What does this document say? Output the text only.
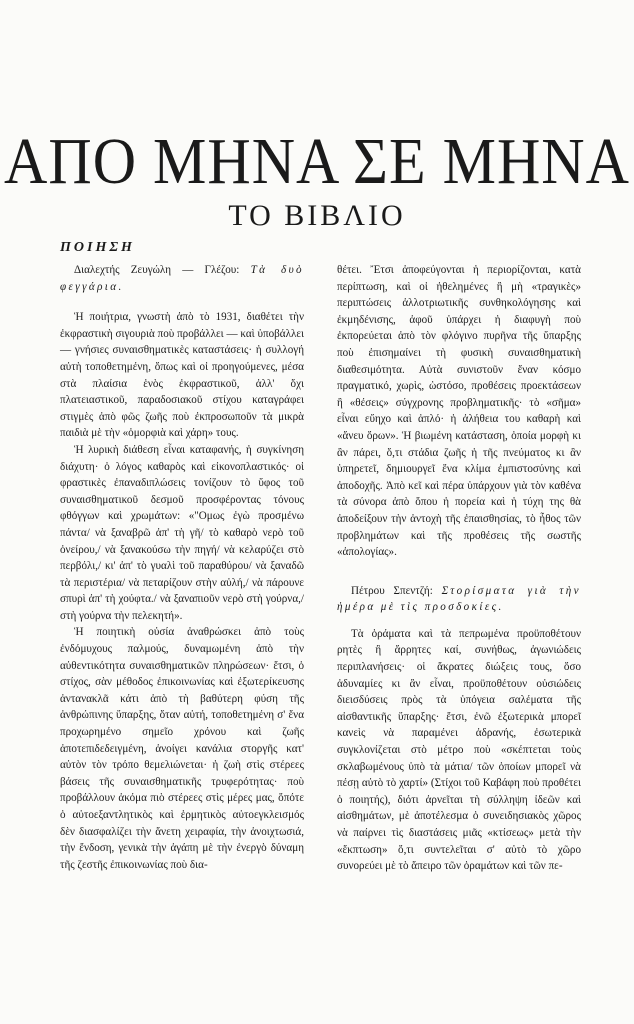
ΑΠΟ ΜΗΝΑ ΣΕ ΜΗΝΑ
ΤΟ ΒΙΒΛΙΟ
ΠΟΙΗΣΗ

Διαλεχτής Ζευγώλη — Γλέζου: Τὰ δυὸ φεγγάρια.

Ἡ ποιήτρια, γνωστὴ ἀπὸ τὸ 1931, διαθέτει τὴν ἐκφραστικὴ σιγουριὰ ποὺ προβάλλει — καὶ ὑποβάλλει — γνήσιες συναισθηματικὲς καταστάσεις· ἡ συλλογή αὐτὴ τοποθετημένη, ὅπως καὶ οἱ προηγούμενες, μέσα στὰ πλαίσια ἑνὸς ἐκφραστικοῦ, ἀλλ' ὄχι πλατειαστικοῦ, παραδοσιακοῦ στίχου καταγράφει στιγμὲς ἀπὸ φῶς ζωῆς ποὺ ἐκπροσωποῦν τὰ μικρὰ παιδιὰ μὲ τὴν «ὀμορφιὰ καὶ χάρη» τους.

Ἡ λυρικὴ διάθεση εἶναι καταφανής, ἡ συγκίνηση διάχυτη· ὁ λόγος καθαρὸς καὶ εἰκονοπλαστικός· οἱ φραστικὲς ἐπαναδιπλώσεις τονίζουν τὸ ὕφος τοῦ συναισθηματικοῦ δεσμοῦ προσφέροντας τόνους φθόγγων καὶ χρωμάτων: «"Ομως ἐγὼ προσμένω πάντα/ νὰ ξαναβρῶ ἀπ' τὴ γῆ/ τὸ καθαρὸ νερὸ τοῦ ὀνείρου,/ νὰ ξανακούσω τὴν πηγή/ νὰ κελαρύζει στὸ περβόλι,/ κι' ἀπ' τὸ γυαλὶ τοῦ παραθύρου/ νὰ ξαναδῶ τὰ περιστέρια/ νὰ πεταρίζουν στὴν αὐλή,/ νὰ πάρουνε σπυρὶ ἀπ' τὴ χούφτα./ νὰ ξαναπιοῦν νερὸ στὴ γούρνα,/ στὴ γούρνα τὴν πελεκητή».

Ἡ ποιητικὴ οὐσία ἀναθρώσκει ἀπὸ τοὺς ἐνδόμυχους παλμούς, δυναμωμένη ἀπὸ τὴν αὐθεντικότητα συναισθηματικῶν πληρώσεων· ἔτσι, ὁ στίχος, σὰν μέθοδος ἐπικοινωνίας καὶ ἐξωτερίκευσης ἀντανακλᾶ κάτι ἀπὸ τὴ βαθύτερη φύση τῆς ἀνθρώπινης ὕπαρξης, ὅταν αὐτή, τοποθετημένη σ' ἕνα προχωρημένο σημεῖο χρόνου καὶ ζωῆς ἀποτεπιδεδειγμένη, ἀνοίγει κανάλια στοργῆς κατ' αὐτὸν τὸν τρόπο θεμελιώνεται· ἡ ζωὴ στὶς στέρεες βάσεις τῆς συναισθηματικῆς τρυφερότητας· ποὺ προβάλλουν ἀκόμα πιὸ στέρεες στὶς μέρες μας, ὅπότε ὁ αὐτοεξαντλητικὸς καὶ ἑρμητικὸς αὐτοεγκλεισμός δὲν διασφαλίζει τὴν ἄνετη χειραφία, τὴν ἀνοιχτωσιά, τὴν ἔνδοση, γενικὰ τὴν ἀγάπη μὲ τὴν ἐνεργὸ δύναμη τῆς ζεστῆς ἐπικοινωνίας ποὺ δια-

θέτει. Ἔτσι ἀποφεύγονται ἡ περιορίζονται, κατὰ περίπτωση, καὶ οἱ ἠθελημένες ἢ μὴ «τραγικὲς» περιπτώσεις ἀλλοτριωτικῆς συνθηκολόγησης καὶ ἐκμηδένισης, ἀφοῦ ὑπάρχει ἡ διαφυγὴ ποὺ ἐκπορεύεται ἀπὸ τὸν φλόγινο πυρῆνα τῆς ὕπαρξης ποὺ ἐπισημαίνει τὴ φυσικὴ συναισθηματικὴ διαθεσιμότητα. Αὐτὰ συνιστοῦν ἕναν κόσμο πραγματικό, χωρὶς, ὡστόσο, προθέσεις προεκτάσεων ἢ «θέσεις» σύγχρονης προβληματικῆς· τὸ «σῆμα» εἶναι εὔηχο καὶ ἁπλό· ἡ ἀλήθεια του καθαρὴ καὶ «ἄνευ ὅρων». Ἡ βιωμένη κατάσταση, ὁποία μορφὴ κι ἂν πάρει, ὅ,τι στάδια ζωῆς ἡ τῆς πνεύματος κι ἂν ὑπηρετεῖ, δημιουργεῖ ἕνα κλίμα ἐμπιστοσύνης καὶ ἀποδοχῆς. Ἀπὸ κεῖ καὶ πέρα ὑπάρχουν γιὰ τὸν καθένα τὰ σύνορα ἀπὸ ὅπου ἡ πορεία καὶ ἡ τύχη της θὰ ἀποδείξουν τὴν ἀντοχὴ τῆς ἐπαισθησίας, τὸ ἦθος τῶν προβλημάτων καὶ τῆς προθέσεις τῆς σωστῆς «ἀπολογίας».

Πέτρου Σπεντζή: Στορίσματα γιὰ τὴν ἡμέρα μὲ τὶς προσδοκίες.

Τὰ ὁράματα καὶ τὰ πεπρωμένα προϋποθέτουν ρητὲς ἢ ἄρρητες καί, συνήθως, ἀγωνιώδεις περιπλανήσεις· οἱ ἄκρατες διώξεις τους, ὅσο ἀδυναμίες κι ἂν εἶναι, προϋποθέτουν οὐσιώδεις διεισδύσεις πρὸς τὰ ὑπόγεια σαλέματα τῆς αἰσθαντικῆς ὕπαρξης· ἔτσι, ἐνῶ ἐξωτερικὰ μπορεῖ κανεὶς νὰ παραμένει ἀδρανής, ἐσωτερικὰ συγκλονίζεται στὸ μέτρο ποὺ «σκέπτεται τοὺς σκλαβωμένους ὑπὸ τὰ μάτια/ τῶν ὁποίων μπορεῖ νὰ πέσῃ αὐτὸ τὸ χαρτί» (Στίχοι τοῦ Καβάφη ποὺ προθέτει ὁ ποιητής), διότι ἀρνεῖται τὴ σύλληψη ἰδεῶν καὶ αἰσθημάτων, μὲ ἀποτέλεσμα ὁ συνειδησιακὸς χῶρος νὰ παίρνει τὶς διαστάσεις μιᾶς «κτίσεως» μετὰ τὴν «ἔκπτωση» ὅ,τι συντελεῖται σ' αὐτὸ τὸ χῶρο συνορεύει μὲ τὸ ἄπειρο τῶν ὁραμάτων καὶ τῶν πε-
